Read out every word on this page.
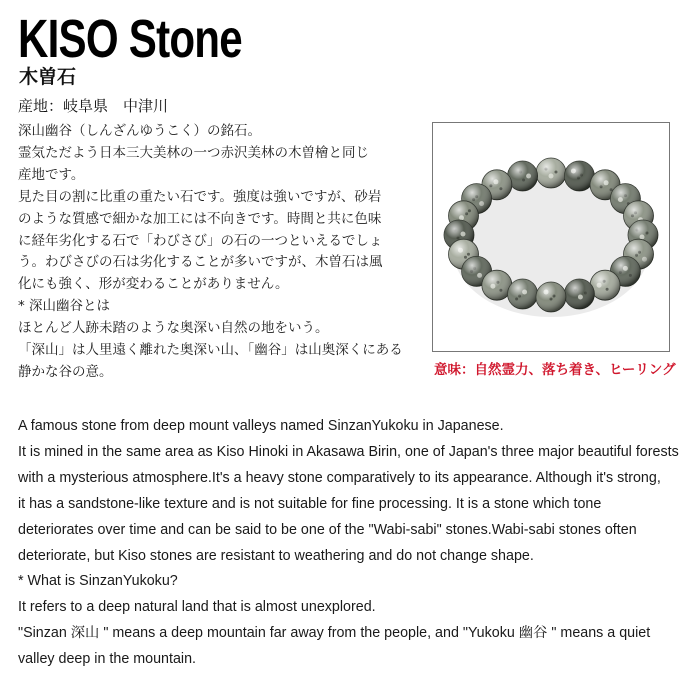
KISO Stone
木曽石
産地：岐阜県　中津川
深山幽谷（しんざんゆうこく）の銘石。
霊気ただよう日本三大美林の一つ赤沢美林の木曽檜と同じ
産地です。
見た目の割に比重の重たい石です。強度は強いですが、砂岩
のような質感で細かな加工には不向きです。時間と共に色味
に経年劣化する石で「わびさび」の石の一つといえるでしょ
う。わびさびの石は劣化することが多いですが、木曽石は風
化にも強く、形が変わることがありません。
* 深山幽谷とは
ほとんど人跡未踏のような奥深い自然の地をいう。
「深山」は人里遠く離れた奥深い山、「幽谷」は山奥深くにある
静かな谷の意。	意味：自然霊力、落ち着き、ヒーリング
A famous stone from deep mount valleys named SinzanYukoku in Japanese.
It is mined in the same area as Kiso Hinoki in Akasawa Birin, one of Japan's three major beautiful forests
with a mysterious atmosphere.It's a heavy stone comparatively to its appearance. Although it's strong,
it has a sandstone-like texture and is not suitable for fine processing. It is a stone which tone
deteriorates over time and can be said to be one of the "Wabi-sabi" stones.Wabi-sabi stones often
deteriorate, but Kiso stones are resistant to weathering and do not change shape.
* What is SinzanYukoku?
It refers to a deep natural land that is almost unexplored.
"Sinzan 深山 " means a deep mountain far away from the people, and "Yukoku 幽谷 " means a quiet
valley deep in the mountain.
